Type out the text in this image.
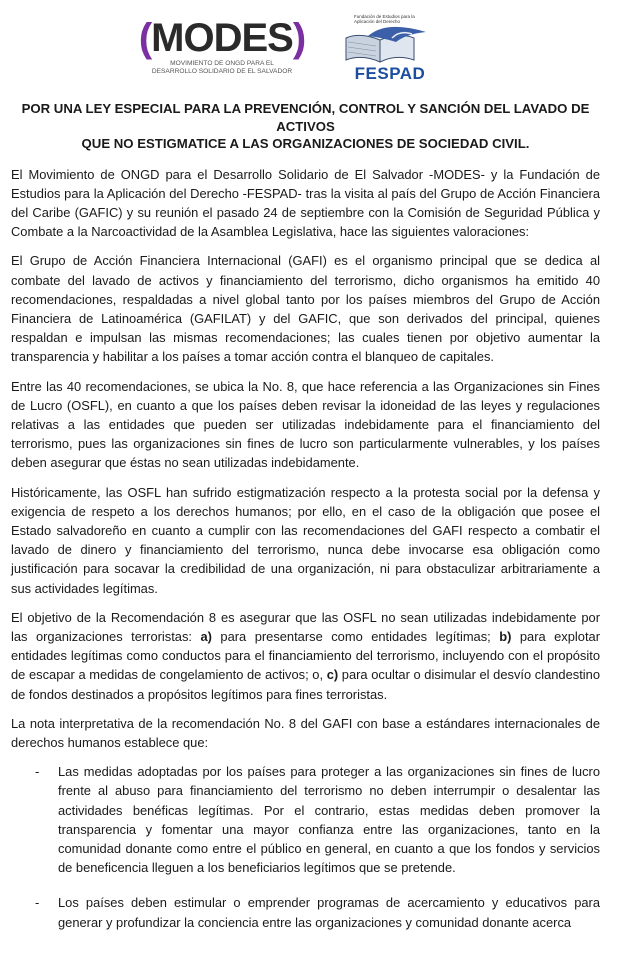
(MODES)
MOVIMIENTO DE ONGD PARA EL
DESARROLLO SOLIDARIO DE EL SALVADOR
Fundación de Estudios para la Aplicación del Derecho
FESPAD
POR UNA LEY ESPECIAL PARA LA PREVENCIÓN, CONTROL Y SANCIÓN DEL LAVADO DE ACTIVOS
QUE NO ESTIGMATICE A LAS ORGANIZACIONES DE SOCIEDAD CIVIL.

El Movimiento de ONGD para el Desarrollo Solidario de El Salvador -MODES- y la Fundación de Estudios para la Aplicación del Derecho -FESPAD- tras la visita al país del Grupo de Acción Financiera del Caribe (GAFIC) y su reunión el pasado 24 de septiembre con la Comisión de Seguridad Pública y Combate a la Narcoactividad de la Asamblea Legislativa, hace las siguientes valoraciones:

El Grupo de Acción Financiera Internacional (GAFI) es el organismo principal que se dedica al combate del lavado de activos y financiamiento del terrorismo, dicho organismos ha emitido 40 recomendaciones, respaldadas a nivel global tanto por los países miembros del Grupo de Acción Financiera de Latinoamérica (GAFILAT) y del GAFIC, que son derivados del principal, quienes respaldan e impulsan las mismas recomendaciones; las cuales tienen por objetivo aumentar la transparencia y habilitar a los países a tomar acción contra el blanqueo de capitales.

Entre las 40 recomendaciones, se ubica la No. 8, que hace referencia a las Organizaciones sin Fines de Lucro (OSFL), en cuanto a que los países deben revisar la idoneidad de las leyes y regulaciones relativas a las entidades que pueden ser utilizadas indebidamente para el financiamiento del terrorismo, pues las organizaciones sin fines de lucro son particularmente vulnerables, y los países deben asegurar que éstas no sean utilizadas indebidamente.

Históricamente, las OSFL han sufrido estigmatización respecto a la protesta social por la defensa y exigencia de respeto a los derechos humanos; por ello, en el caso de la obligación que posee el Estado salvadoreño en cuanto a cumplir con las recomendaciones del GAFI respecto a combatir el lavado de dinero y financiamiento del terrorismo, nunca debe invocarse esa obligación como justificación para socavar la credibilidad de una organización, ni para obstaculizar arbitrariamente a sus actividades legítimas.

El objetivo de la Recomendación 8 es asegurar que las OSFL no sean utilizadas indebidamente por las organizaciones terroristas: a) para presentarse como entidades legítimas; b) para explotar entidades legítimas como conductos para el financiamiento del terrorismo, incluyendo con el propósito de escapar a medidas de congelamiento de activos; o, c) para ocultar o disimular el desvío clandestino de fondos destinados a propósitos legítimos para fines terroristas.

La nota interpretativa de la recomendación No. 8 del GAFI con base a estándares internacionales de derechos humanos establece que:

- Las medidas adoptadas por los países para proteger a las organizaciones sin fines de lucro frente al abuso para financiamiento del terrorismo no deben interrumpir o desalentar las actividades benéficas legítimas. Por el contrario, estas medidas deben promover la transparencia y fomentar una mayor confianza entre las organizaciones, tanto en la comunidad donante como entre el público en general, en cuanto a que los fondos y servicios de beneficencia lleguen a los beneficiarios legítimos que se pretende.
- Los países deben estimular o emprender programas de acercamiento y educativos para generar y profundizar la conciencia entre las organizaciones y comunidad donante acerca
